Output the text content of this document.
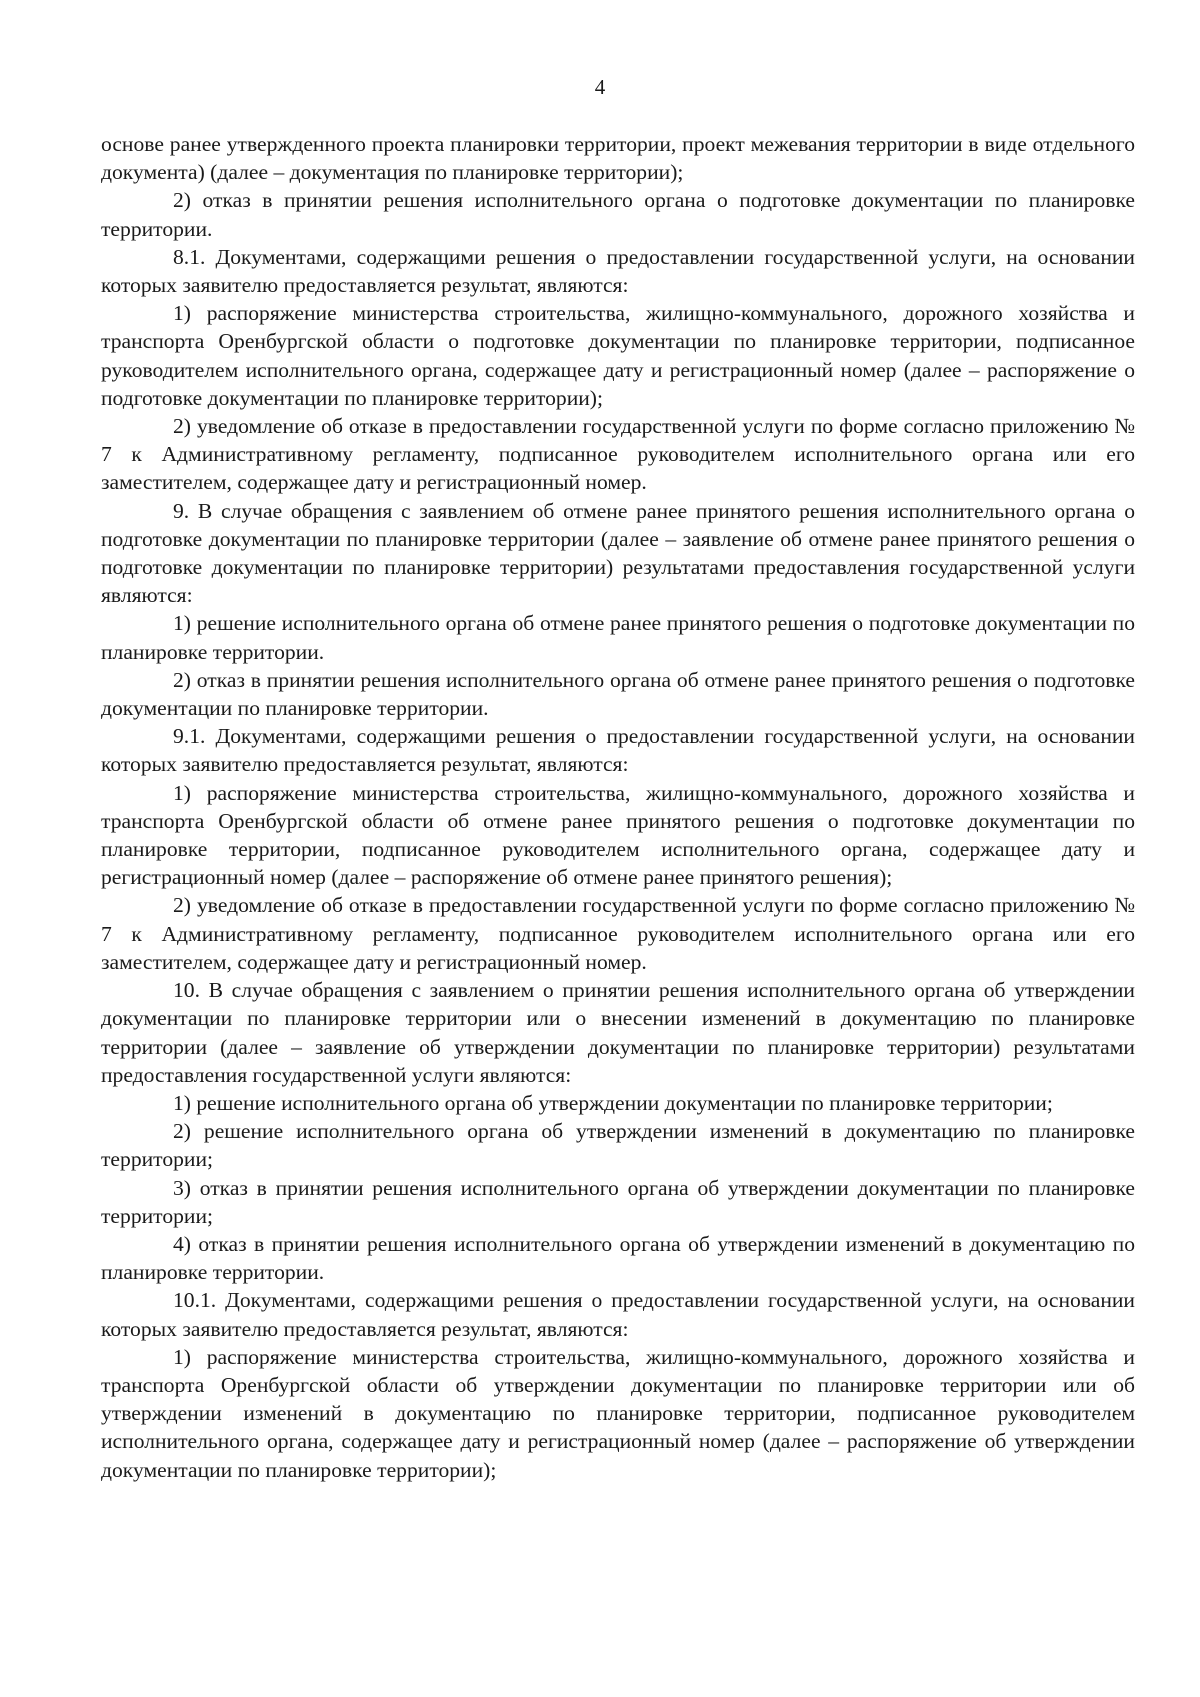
4

основе ранее утвержденного проекта планировки территории, проект межевания территории в виде отдельного документа) (далее – документация по планировке территории);

2) отказ в принятии решения исполнительного органа о подготовке документации по планировке территории.

8.1. Документами, содержащими решения о предоставлении государственной услуги, на основании которых заявителю предоставляется результат, являются:

1) распоряжение министерства строительства, жилищно-коммунального, дорожного хозяйства и транспорта Оренбургской области о подготовке документации по планировке территории, подписанное руководителем исполнительного органа, содержащее дату и регистрационный номер (далее – распоряжение о подготовке документации по планировке территории);

2) уведомление об отказе в предоставлении государственной услуги по форме согласно приложению № 7 к Административному регламенту, подписанное руководителем исполнительного органа или его заместителем, содержащее дату и регистрационный номер.

9. В случае обращения с заявлением об отмене ранее принятого решения исполнительного органа о подготовке документации по планировке территории (далее – заявление об отмене ранее принятого решения о подготовке документации по планировке территории) результатами предоставления государственной услуги являются:

1) решение исполнительного органа об отмене ранее принятого решения о подготовке документации по планировке территории.

2) отказ в принятии решения исполнительного органа об отмене ранее принятого решения о подготовке документации по планировке территории.

9.1. Документами, содержащими решения о предоставлении государственной услуги, на основании которых заявителю предоставляется результат, являются:

1) распоряжение министерства строительства, жилищно-коммунального, дорожного хозяйства и транспорта Оренбургской области об отмене ранее принятого решения о подготовке документации по планировке территории, подписанное руководителем исполнительного органа, содержащее дату и регистрационный номер (далее – распоряжение об отмене ранее принятого решения);

2) уведомление об отказе в предоставлении государственной услуги по форме согласно приложению № 7 к Административному регламенту, подписанное руководителем исполнительного органа или его заместителем, содержащее дату и регистрационный номер.

10. В случае обращения с заявлением о принятии решения исполнительного органа об утверждении документации по планировке территории или о внесении изменений в документацию по планировке территории (далее – заявление об утверждении документации по планировке территории) результатами предоставления государственной услуги являются:

1) решение исполнительного органа об утверждении документации по планировке территории;

2) решение исполнительного органа об утверждении изменений в документацию по планировке территории;

3) отказ в принятии решения исполнительного органа об утверждении документации по планировке территории;

4) отказ в принятии решения исполнительного органа об утверждении изменений в документацию по планировке территории.

10.1. Документами, содержащими решения о предоставлении государственной услуги, на основании которых заявителю предоставляется результат, являются:

1) распоряжение министерства строительства, жилищно-коммунального, дорожного хозяйства и транспорта Оренбургской области об утверждении документации по планировке территории или об утверждении изменений в документацию по планировке территории, подписанное руководителем исполнительного органа, содержащее дату и регистрационный номер (далее – распоряжение об утверждении документации по планировке территории);
